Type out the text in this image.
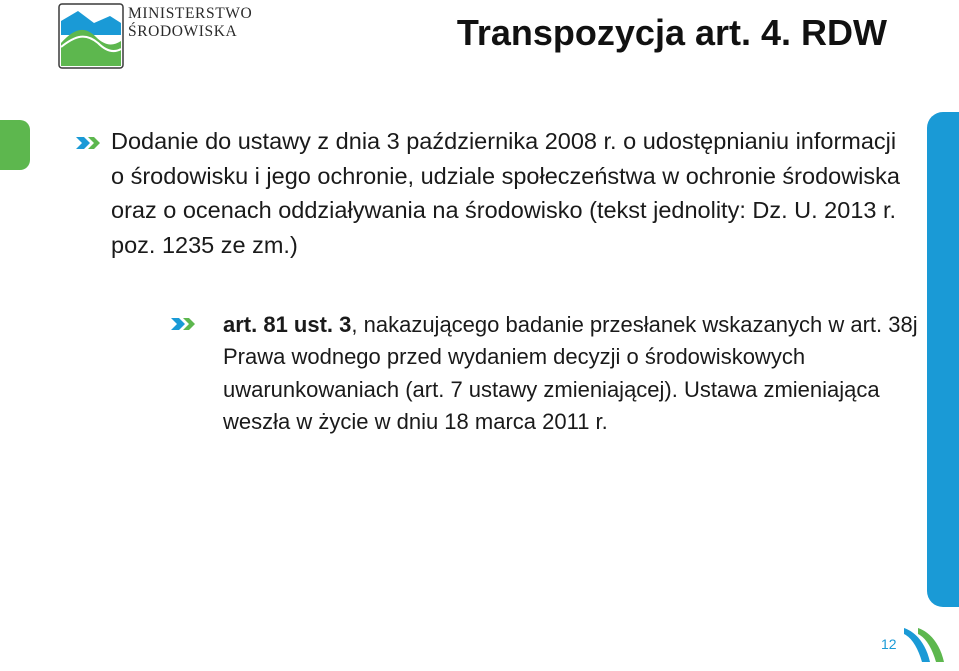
MINISTERSTWO
ŚRODOWISKA	Transpozycja art. 4. RDW
Dodanie do ustawy z dnia 3 października 2008 r. o udostępnianiu informacji o środowisku i jego ochronie, udziale społeczeństwa w ochronie środowiska oraz o ocenach oddziaływania na środowisko (tekst jednolity: Dz. U. 2013 r. poz. 1235 ze zm.)
art. 81 ust. 3, nakazującego badanie przesłanek wskazanych w art. 38j Prawa wodnego przed wydaniem decyzji o środowiskowych uwarunkowaniach (art. 7 ustawy zmieniającej). Ustawa zmieniająca weszła w życie w dniu 18 marca 2011 r.
12
